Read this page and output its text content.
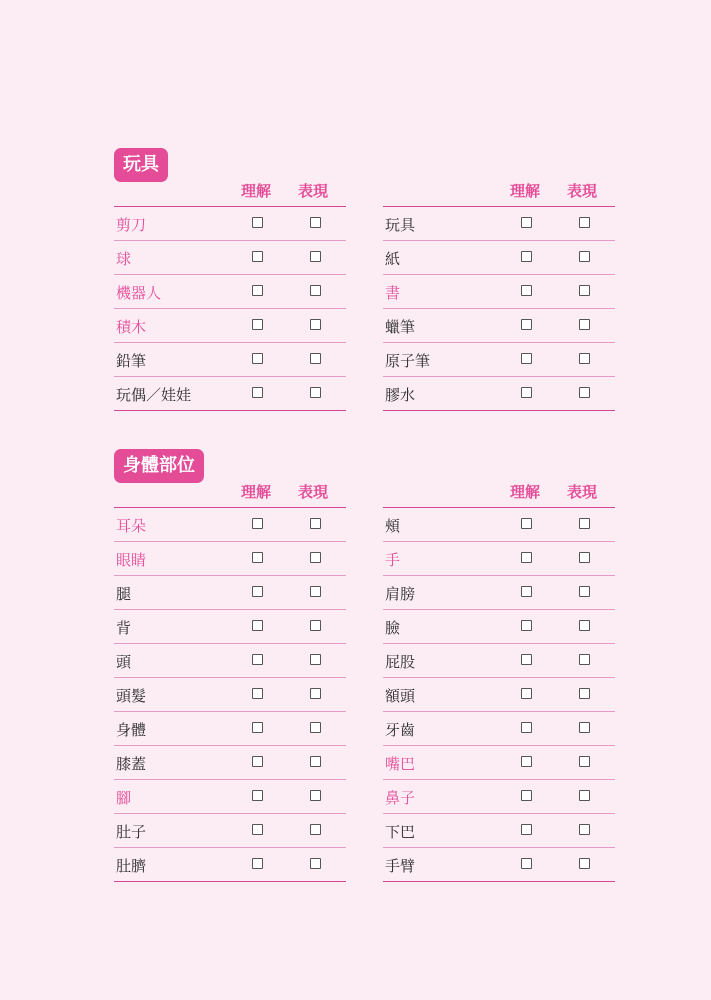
玩具
理解 表現
剪刀
球
機器人
積木
鉛筆
玩偶／娃娃
理解 表現
玩具
紙
書
蠟筆
原子筆
膠水
身體部位
理解 表現
耳朵
眼睛
腿
背
頭
頭髮
身體
膝蓋
腳
肚子
肚臍
理解 表現
頰
手
肩膀
臉
屁股
額頭
牙齒
嘴巴
鼻子
下巴
手臂
